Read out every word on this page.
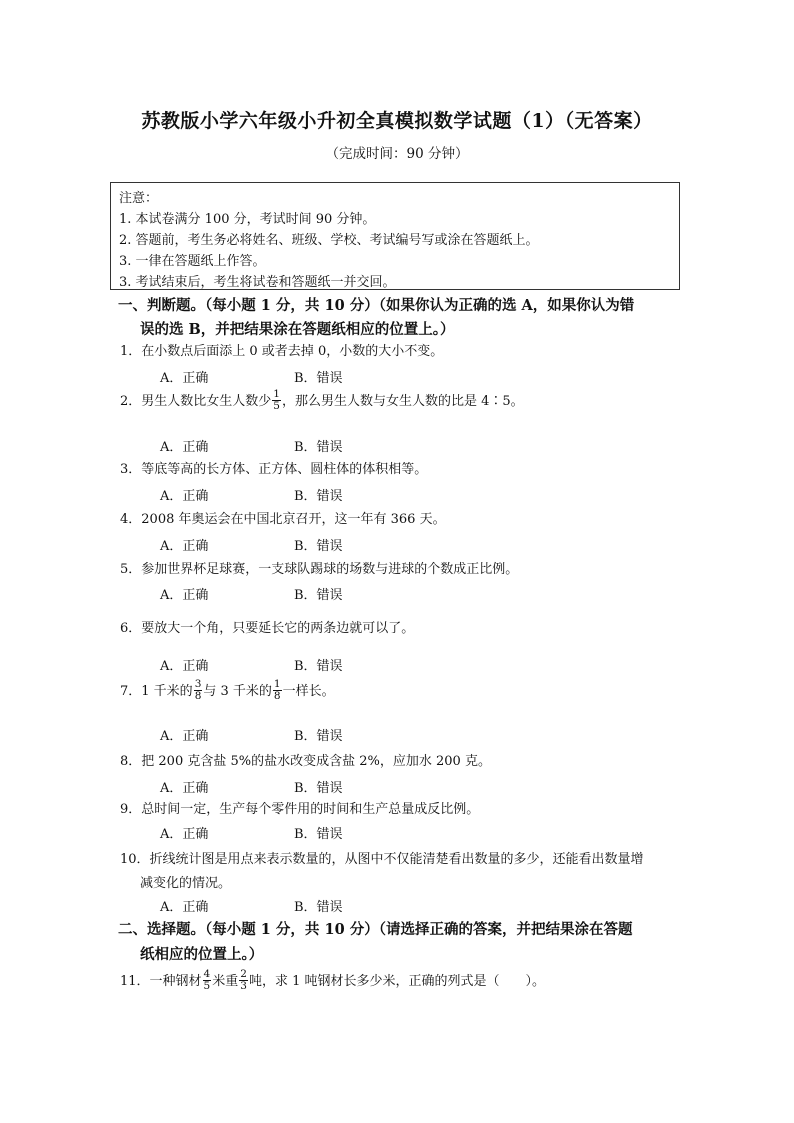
苏教版小学六年级小升初全真模拟数学试题（1）（无答案）
（完成时间：90 分钟）
注意：
1. 本试卷满分 100 分，考试时间 90 分钟。
2. 答题前，考生务必将姓名、班级、学校、考试编号写或涂在答题纸上。
3. 一律在答题纸上作答。
3. 考试结束后，考生将试卷和答题纸一并交回。
一、判断题。（每小题 1 分，共 10 分）（如果你认为正确的选 A，如果你认为错
误的选 B，并把结果涂在答题纸相应的位置上。）
1．在小数点后面添上 0 或者去掉 0，小数的大小不变。
A．正确	B．错误
2．男生人数比女生人数少 $\frac{1}{5}$ ，那么男生人数与女生人数的比是 4∶5。
A．正确	B．错误
3．等底等高的长方体、正方体、圆柱体的体积相等。
A．正确	B．错误
4．2008 年奥运会在中国北京召开，这一年有 366 天。
A．正确	B．错误
5．参加世界杯足球赛，一支球队踢球的场数与进球的个数成正比例。
A．正确	B．错误
6．要放大一个角，只要延长它的两条边就可以了。
A．正确	B．错误
7．1 千米的 $\frac{3}{8}$ 与 3 千米的 $\frac{1}{8}$ 一样长。
A．正确	B．错误
8．把 200 克含盐 5%的盐水改变成含盐 2%，应加水 200 克。
A．正确	B．错误
9．总时间一定，生产每个零件用的时间和生产总量成反比例。
A．正确	B．错误
10．折线统计图是用点来表示数量的，从图中不仅能清楚看出数量的多少，还能看出数量增
减变化的情况。
A．正确	B．错误
二、选择题。（每小题 1 分，共 10 分）（请选择正确的答案，并把结果涂在答题
纸相应的位置上。）
11．一种钢材 $\frac{4}{5}$ 米重 $\frac{2}{3}$ 吨，求 1 吨钢材长多少米，正确的列式是（　　）。
